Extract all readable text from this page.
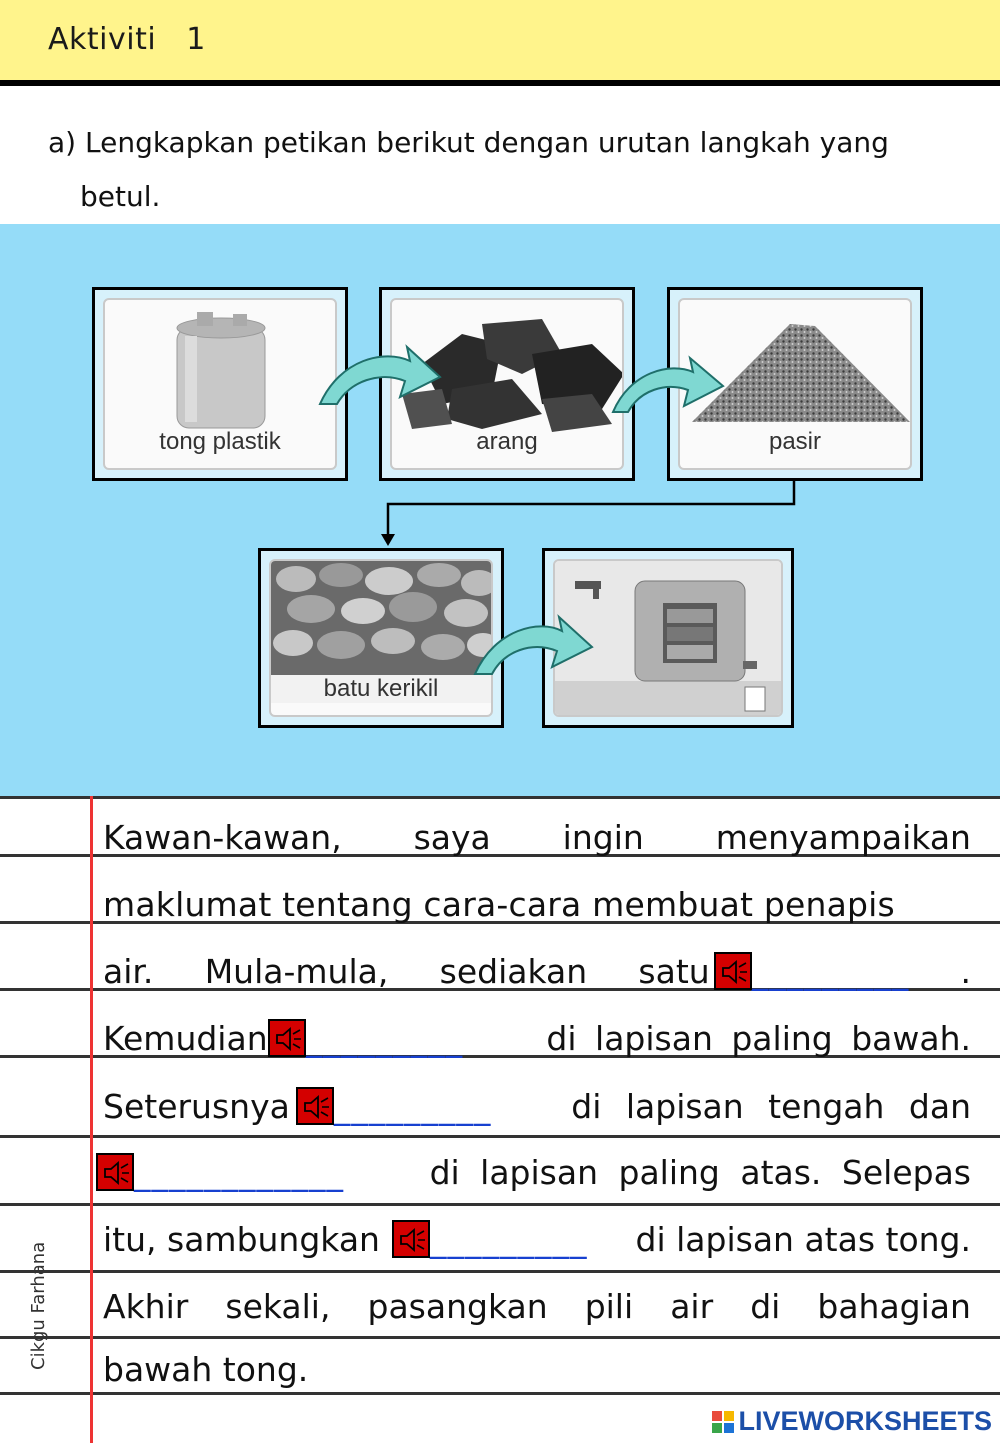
Aktiviti   1
a) Lengkapkan petikan berikut dengan urutan langkah yang
betul.
tong plastik	arang	pasir
batu kerikil
Kawan-kawan, saya ingin menyampaikan
maklumat tentang cara-cara membuat penapis
air. Mula-mula, sediakan satu _________ .
Kemudian _________	di lapisan paling bawah.
Seterusnya _________ di lapisan tengah dan
____________	di lapisan paling atas. Selepas
itu, sambungkan _________ di lapisan atas tong.
Akhir sekali, pasangkan pili air di bahagian
bawah tong.
Cikgu Farhana
LIVEWORKSHEETS
